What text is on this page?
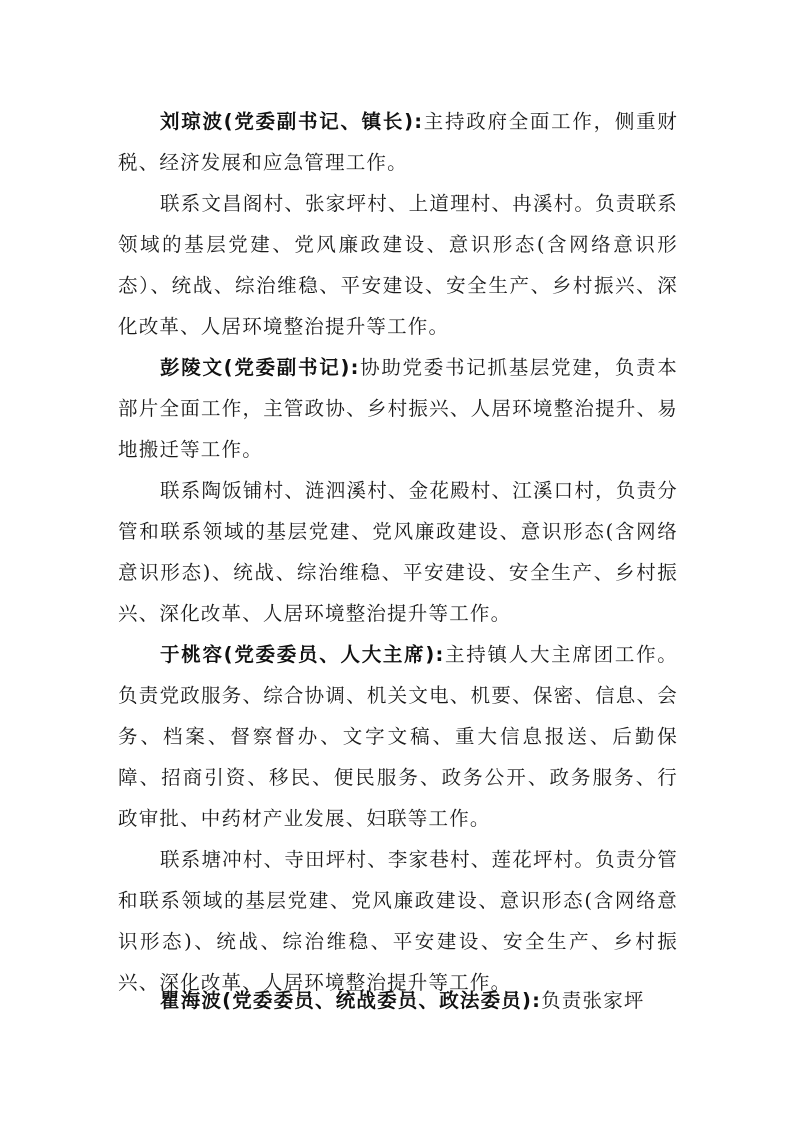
刘琼波(党委副书记、镇长):主持政府全面工作，侧重财税、经济发展和应急管理工作。

联系文昌阁村、张家坪村、上道理村、冉溪村。负责联系领域的基层党建、党风廉政建设、意识形态(含网络意识形态）、统战、综治维稳、平安建设、安全生产、乡村振兴、深化改革、人居环境整治提升等工作。

彭陵文(党委副书记):协助党委书记抓基层党建，负责本部片全面工作，主管政协、乡村振兴、人居环境整治提升、易地搬迁等工作。

联系陶饭铺村、涟泗溪村、金花殿村、江溪口村，负责分管和联系领域的基层党建、党风廉政建设、意识形态(含网络意识形态)、统战、综治维稳、平安建设、安全生产、乡村振兴、深化改革、人居环境整治提升等工作。

于桃容(党委委员、人大主席):主持镇人大主席团工作。负责党政服务、综合协调、机关文电、机要、保密、信息、会务、档案、督察督办、文字文稿、重大信息报送、后勤保 障、招商引资、移民、便民服务、政务公开、政务服务、行 政审批、中药材产业发展、妇联等工作。

联系塘冲村、寺田坪村、李家巷村、莲花坪村。负责分管和联系领域的基层党建、党风廉政建设、意识形态(含网络意识形态)、统战、综治维稳、平安建设、安全生产、乡村振兴、深化改革、人居环境整治提升等工作。

瞿海波(党委委员、统战委员、政法委员):负责张家坪
